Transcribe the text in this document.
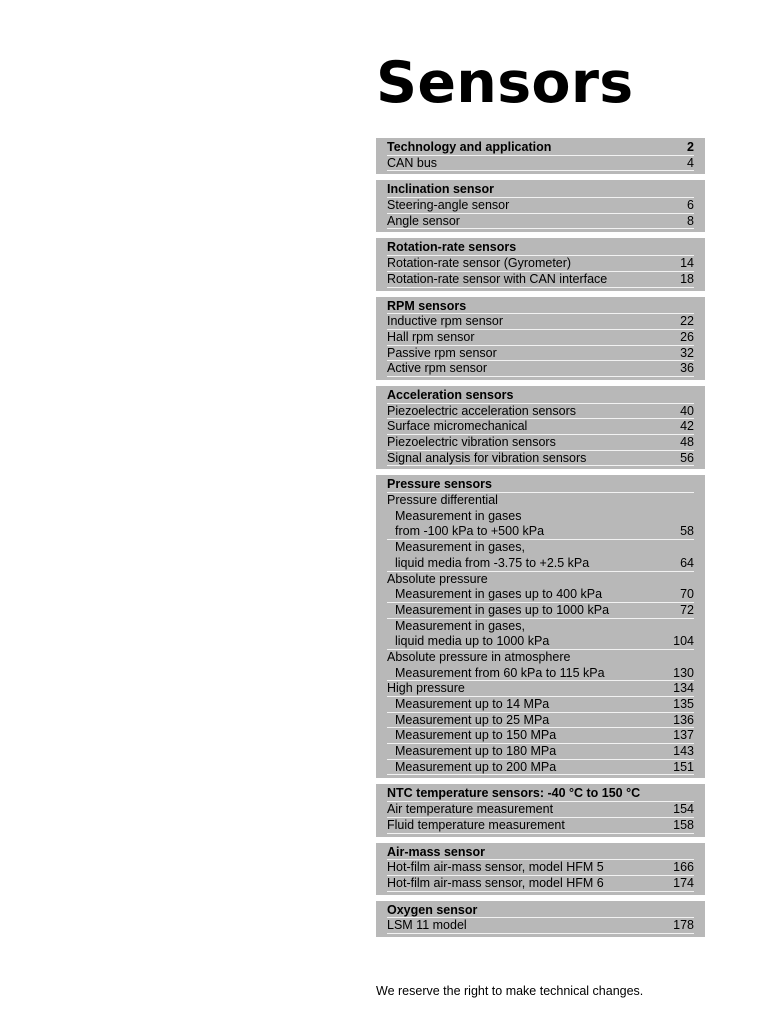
Sensors
Technology and application	2
CAN bus	4
Inclination sensor
Steering-angle sensor	6
Angle sensor	8
Rotation-rate sensors
Rotation-rate sensor (Gyrometer)	14
Rotation-rate sensor with CAN interface	18
RPM sensors
Inductive rpm sensor	22
Hall rpm sensor	26
Passive rpm sensor	32
Active rpm sensor	36
Acceleration sensors
Piezoelectric acceleration sensors	40
Surface micromechanical	42
Piezoelectric vibration sensors	48
Signal analysis for vibration sensors	56
Pressure sensors
Pressure differential
Measurement in gases
from -100 kPa to +500 kPa	58
Measurement in gases,
liquid media from -3.75 to +2.5 kPa	64
Absolute pressure
Measurement in gases up to 400 kPa	70
Measurement in gases up to 1000 kPa	72
Measurement in gases,
liquid media up to 1000 kPa	104
Absolute pressure in atmosphere
Measurement from 60 kPa to 115 kPa	130
High pressure	134
Measurement up to 14 MPa	135
Measurement up to 25 MPa	136
Measurement up to 150 MPa	137
Measurement up to 180 MPa	143
Measurement up to 200 MPa	151
NTC temperature sensors: -40 °C to 150 °C
Air temperature measurement	154
Fluid temperature measurement	158
Air-mass sensor
Hot-film air-mass sensor, model HFM 5	166
Hot-film air-mass sensor, model HFM 6	174
Oxygen sensor
LSM 11 model	178
We reserve the right to make technical changes.
